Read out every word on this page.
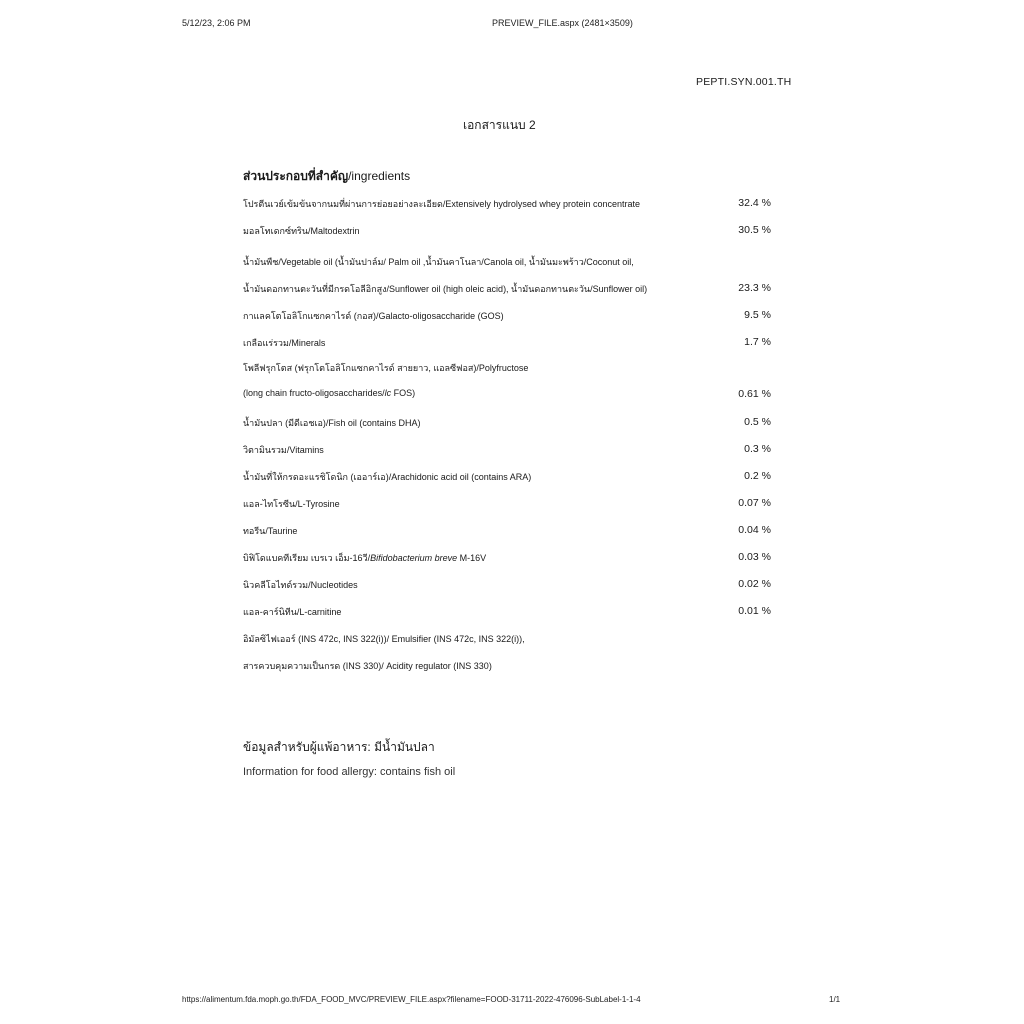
5/12/23, 2:06 PM	PREVIEW_FILE.aspx (2481×3509)
PEPTI.SYN.001.TH
เอกสารแนบ 2
ส่วนประกอบที่สำคัญ/ingredients
โปรตีนเวย์เข้มข้นจากนมที่ผ่านการย่อยอย่างละเอียด/Extensively hydrolysed whey protein concentrate	32.4 %
มอลโทเดกซ์ทริน/Maltodextrin	30.5 %
น้ำมันพืช/Vegetable oil (น้ำมันปาล์ม/ Palm oil ,น้ำมันคาโนลา/Canola oil, น้ำมันมะพร้าว/Coconut oil,
น้ำมันดอกทานตะวันที่มีกรดโอลีอิกสูง/Sunflower oil (high oleic acid), น้ำมันดอกทานตะวัน/Sunflower oil)	23.3 %
กาแลคโตโอลิโกแซกคาไรด์ (กอส)/Galacto-oligosaccharide (GOS)	9.5 %
เกลือแร่รวม/Minerals	1.7 %
โพลีฟรุกโตส (ฟรุกโตโอลิโกแซกคาไรด์ สายยาว, แอลซีฟอส)/Polyfructose
(long chain fructo-oligosaccharides/lc FOS)	0.61 %
น้ำมันปลา (มีดีเอชเอ)/Fish oil (contains DHA)	0.5 %
วิตามินรวม/Vitamins	0.3 %
น้ำมันที่ให้กรดอะแรชิโดนิก (เออาร์เอ)/Arachidonic acid oil (contains ARA)	0.2 %
แอล-ไทโรซีน/L-Tyrosine	0.07 %
ทอรีน/Taurine	0.04 %
บิฟิโดแบคทีเรียม เบรเว เอ็ม-16วี/Bifidobacterium breve M-16V	0.03 %
นิวคลีโอไทด์รวม/Nucleotides	0.02 %
แอล-คาร์นิทีน/L-carnitine	0.01 %
อิมัลซิไฟเออร์ (INS 472c, INS 322(i))/ Emulsifier (INS 472c, INS 322(i)),
สารควบคุมความเป็นกรด (INS 330)/ Acidity regulator (INS 330)
ข้อมูลสำหรับผู้แพ้อาหาร: มีน้ำมันปลา
Information for food allergy: contains fish oil
https://alimentum.fda.moph.go.th/FDA_FOOD_MVC/PREVIEW_FILE.aspx?filename=FOOD-31711-2022-476096-SubLabel-1-1-4	1/1
